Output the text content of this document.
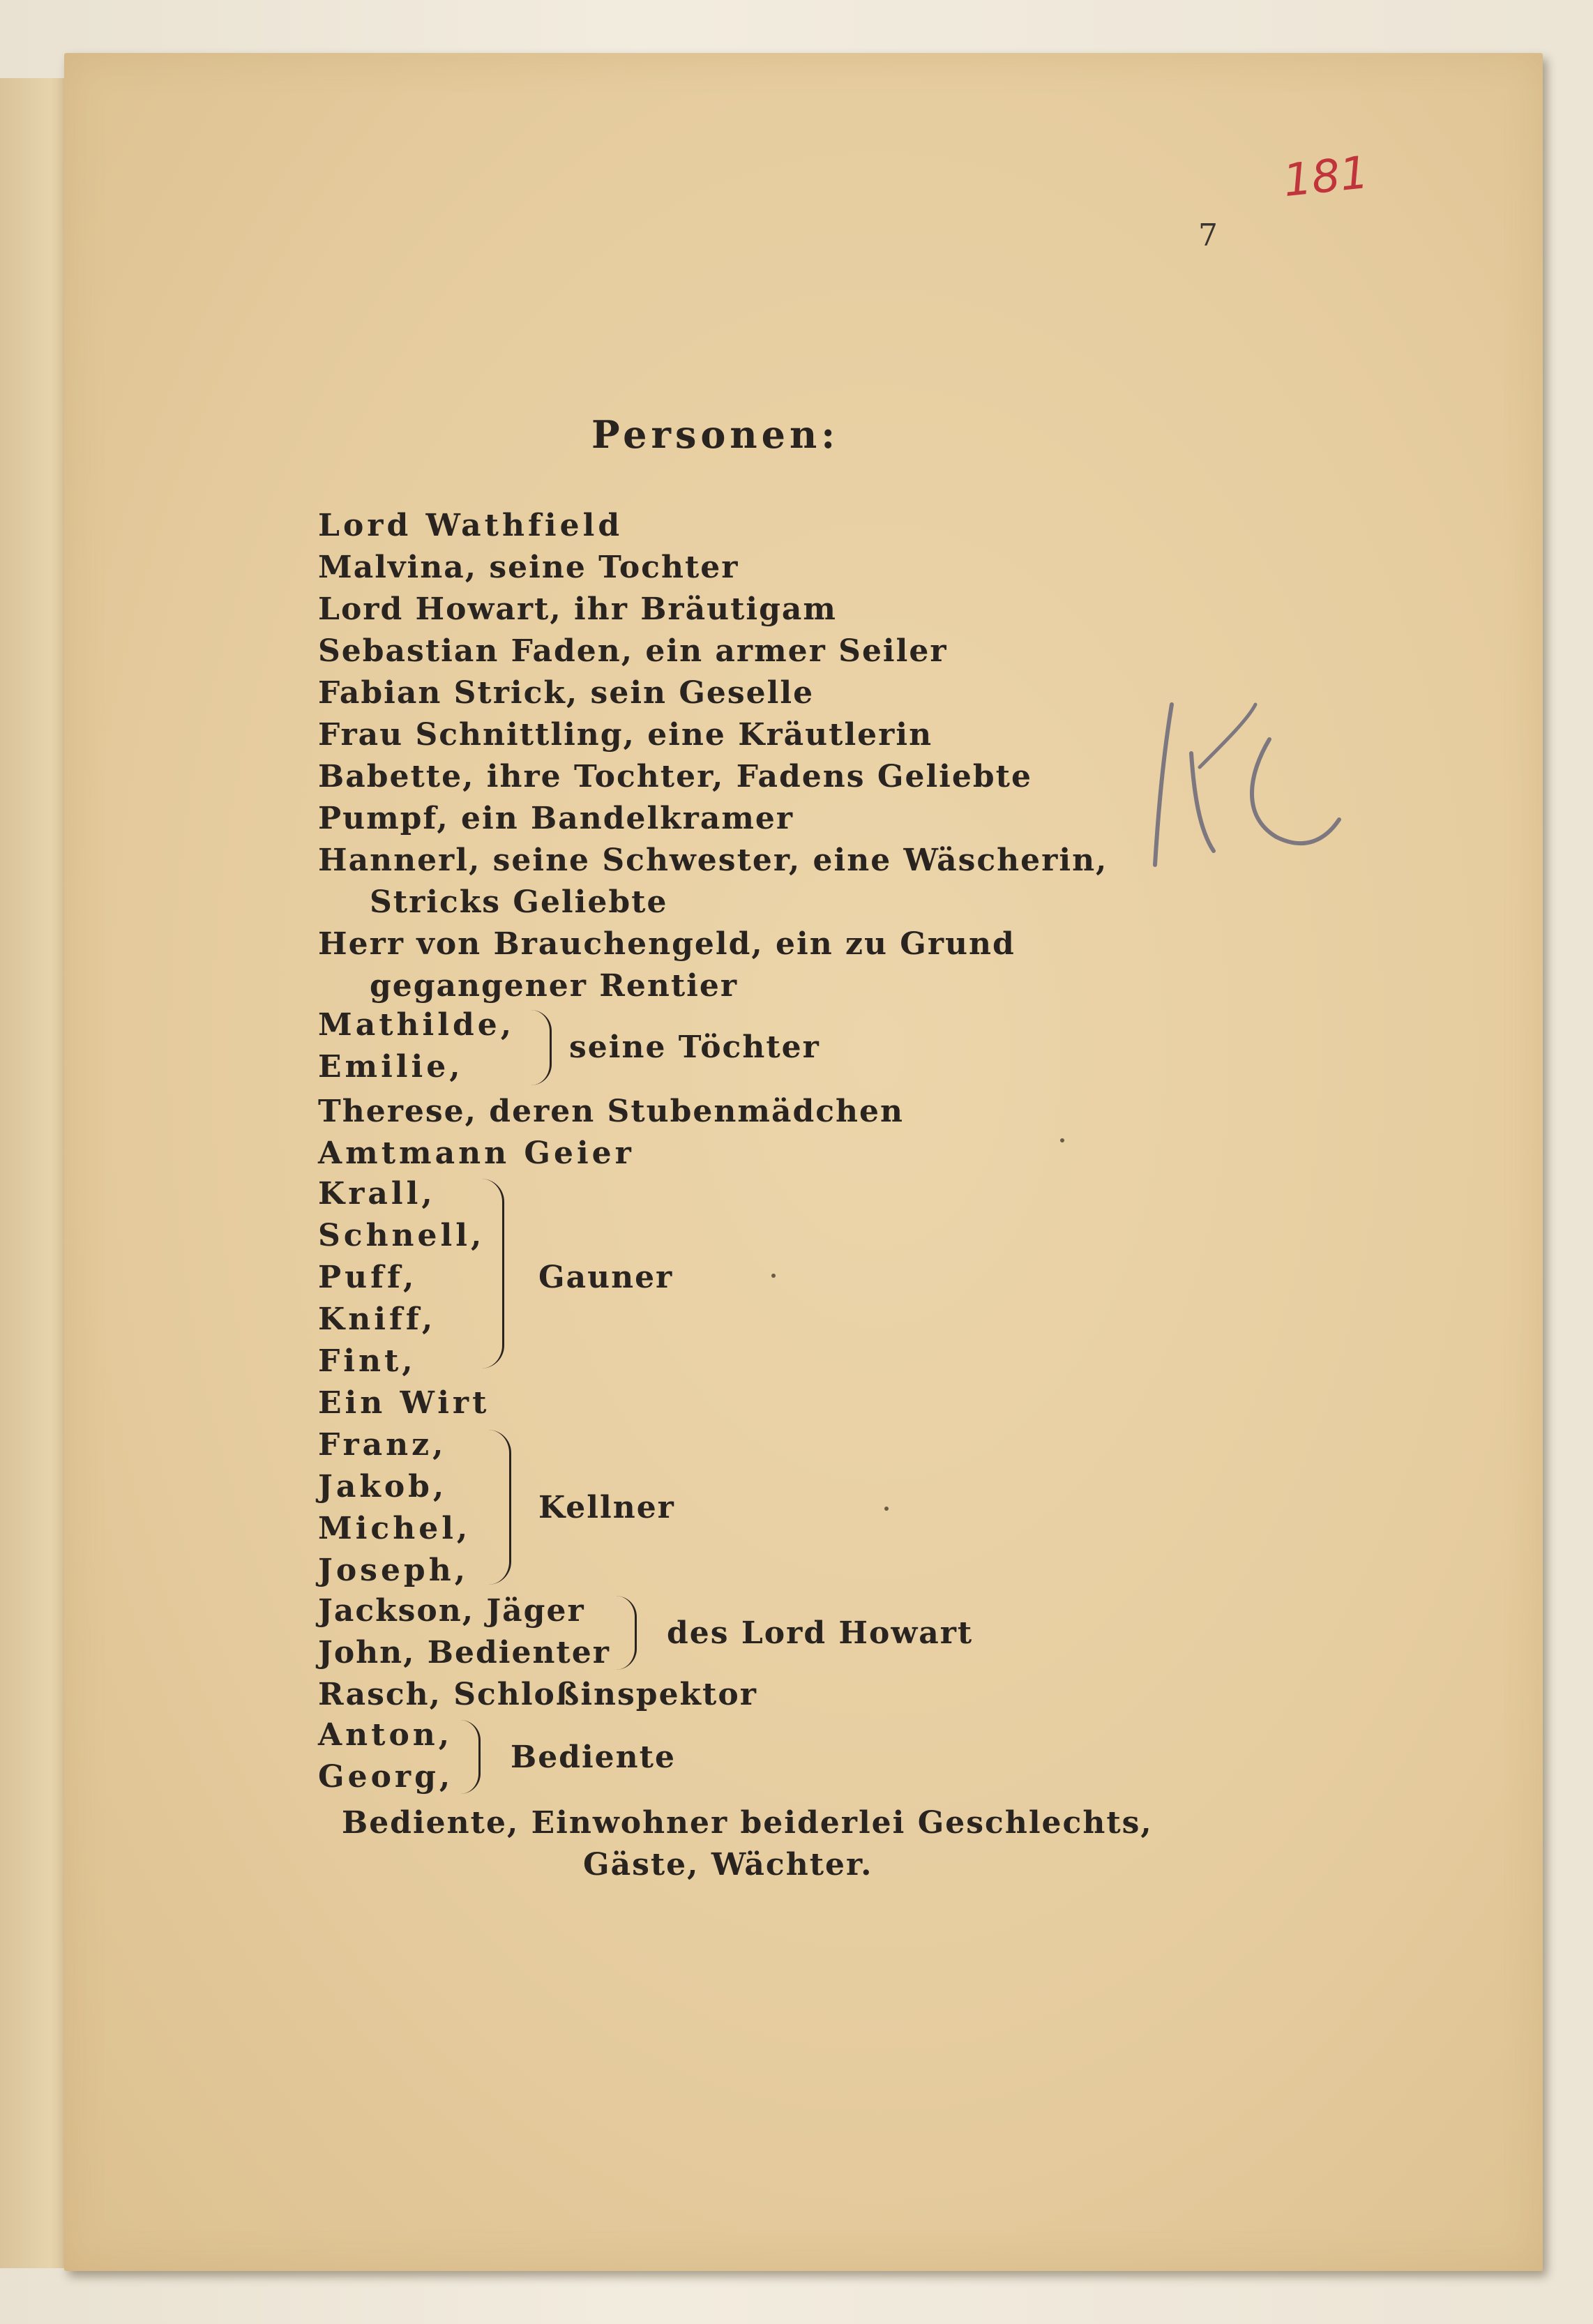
181

7

Personen:

Lord Wathfield

Malvina, seine Tochter

Lord Howart, ihr Bräutigam

Sebastian Faden, ein armer Seiler

Fabian Strick, sein Geselle

Frau Schnittling, eine Kräutlerin

Babette, ihre Tochter, Fadens Geliebte

Pumpf, ein Bandelkramer

Hannerl, seine Schwester, eine Wäscherin,

Stricks Geliebte

Herr von Brauchengeld, ein zu Grund

gegangener Rentier

Mathilde,

Emilie,

seine Töchter

Therese, deren Stubenmädchen

Amtmann Geier

Krall,

Schnell,

Puff,

Kniff,

Fint,

Gauner

Ein Wirt

Franz,

Jakob,

Michel,

Joseph,

Kellner

Jackson, Jäger

John, Bedienter

des Lord Howart

Rasch, Schloßinspektor

Anton,

Georg,

Bediente

Bediente, Einwohner beiderlei Geschlechts,

Gäste, Wächter.
